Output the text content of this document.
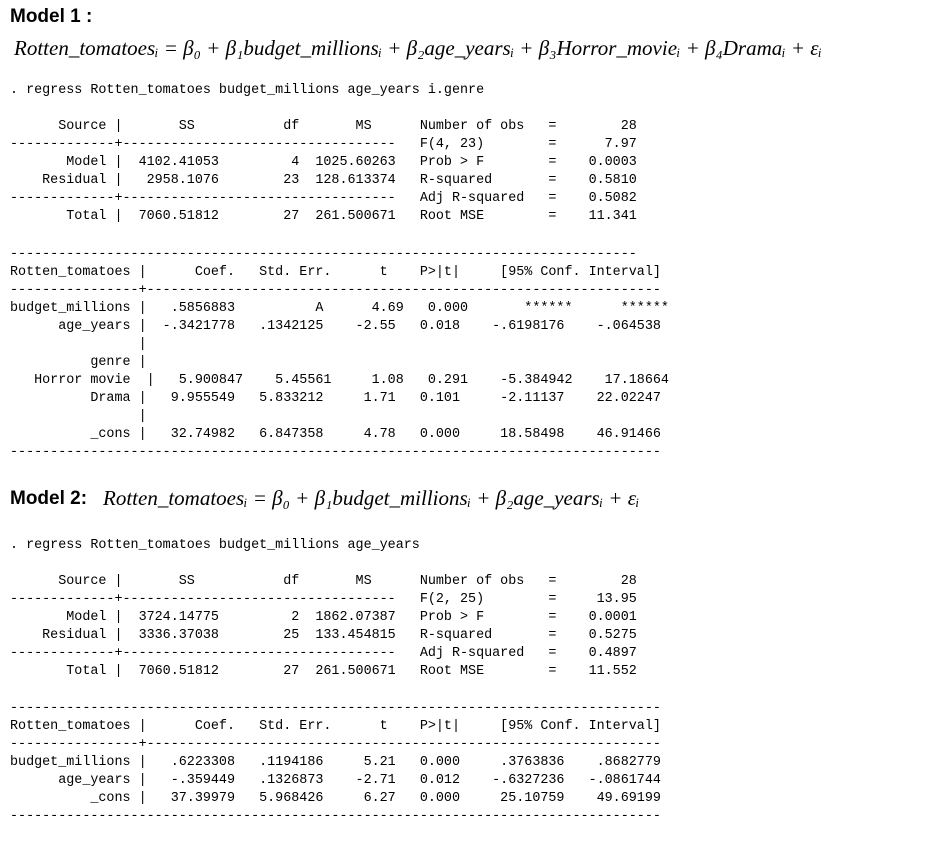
Model 1 :
Rotten_tomatoesᵢ = β₀ + β₁budget_millionsᵢ + β₂age_yearsᵢ + β₃Horror_movieᵢ + β₄Dramaᵢ + εᵢ
. regress Rotten_tomatoes budget_millions age_years i.genre
Source |       SS           df       MS      Number of obs   =        28
-------------+----------------------------------   F(4, 23)        =      7.97
Model |  4102.41053         4  1025.60263   Prob > F        =    0.0003
Residual |   2958.1076        23  128.613374   R-squared       =    0.5810
-------------+----------------------------------   Adj R-squared   =    0.5082
Total |  7060.51812        27  261.500671   Root MSE        =    11.341
------------------------------------------------------------------------------
Rotten_tomatoes |      Coef.   Std. Err.      t    P>|t|     [95% Conf. Interval]
----------------+----------------------------------------------------------------
budget_millions |   .5856883          A      4.69   0.000       ******      ******
age_years |  -.3421778   .1342125    -2.55   0.018    -.6198176    -.064538
|
genre |
Horror movie  |   5.900847    5.45561     1.08   0.291    -5.384942    17.18664
Drama |   9.955549   5.833212     1.71   0.101     -2.11137    22.02247
|
_cons |   32.74982   6.847358     4.78   0.000     18.58498    46.91466
---------------------------------------------------------------------------------
Model 2: Rotten_tomatoesᵢ = β₀ + β₁budget_millionsᵢ + β₂age_yearsᵢ + εᵢ
. regress Rotten_tomatoes budget_millions age_years
Source |       SS           df       MS      Number of obs   =        28
-------------+----------------------------------   F(2, 25)        =     13.95
Model |  3724.14775         2  1862.07387   Prob > F        =    0.0001
Residual |  3336.37038        25  133.454815   R-squared       =    0.5275
-------------+----------------------------------   Adj R-squared   =    0.4897
Total |  7060.51812        27  261.500671   Root MSE        =    11.552
---------------------------------------------------------------------------------
Rotten_tomatoes |      Coef.   Std. Err.      t    P>|t|     [95% Conf. Interval]
----------------+----------------------------------------------------------------
budget_millions |   .6223308   .1194186     5.21   0.000     .3763836    .8682779
age_years |   -.359449   .1326873    -2.71   0.012    -.6327236   -.0861744
_cons |   37.39979   5.968426     6.27   0.000     25.10759    49.69199
---------------------------------------------------------------------------------
